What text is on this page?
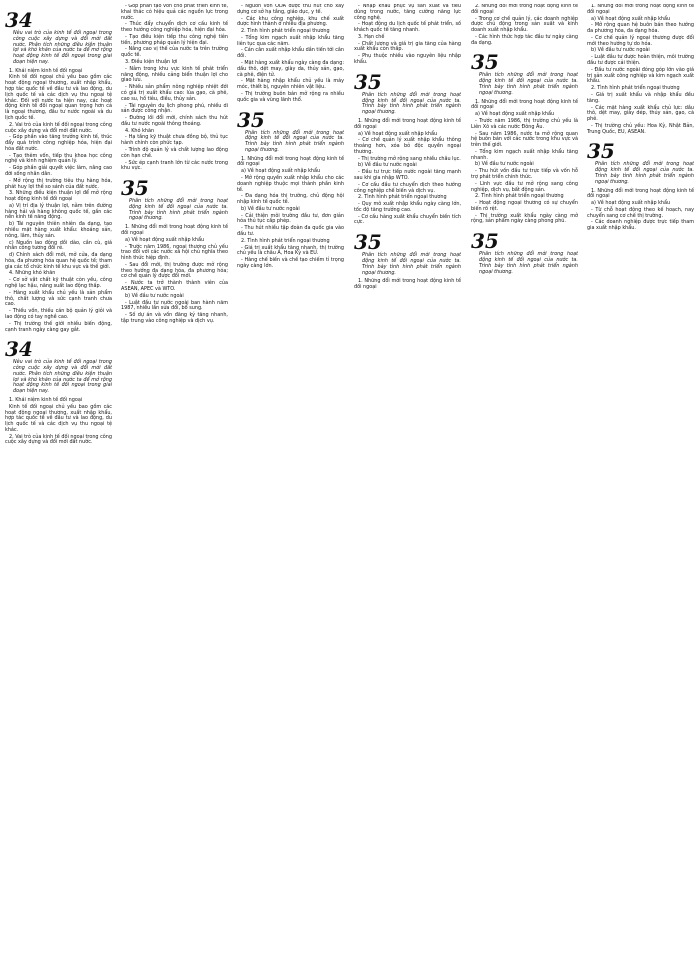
34
Nêu vai trò của kinh tế đối ngoại trong công cuộc xây dựng và đổi mới đất nước. Phân tích những điều kiện thuận lợi và khó khăn của nước ta để mở rộng hoạt động kinh tế đối ngoại trong giai đoạn hiện nay.

1. Khái niệm kinh tế đối ngoại

Kinh tế đối ngoại chủ yếu bao gồm các hoạt động ngoại thương, xuất nhập khẩu, hợp tác quốc tế về đầu tư và lao động, du lịch quốc tế và các dịch vụ thu ngoại tệ khác. Đối với nước ta hiện nay, các hoạt động kinh tế đối ngoại quan trọng hơn cả là ngoại thương, đầu tư nước ngoài và du lịch quốc tế.

2. Vai trò của kinh tế đối ngoại trong công cuộc xây dựng và đổi mới đất nước.

- Góp phần vào tăng trưởng kinh tế, thúc đẩy quá trình công nghiệp hóa, hiện đại hóa đất nước.

- Tạo thêm vốn, tiếp thu khoa học công nghệ và kinh nghiệm quản lý.

- Góp phần giải quyết việc làm, nâng cao đời sống nhân dân.

- Mở rộng thị trường tiêu thụ hàng hóa, phát huy lợi thế so sánh của đất nước.

3. Những điều kiện thuận lợi để mở rộng hoạt động kinh tế đối ngoại

a) Vị trí địa lý thuận lợi, nằm trên đường hàng hải và hàng không quốc tế, gần các nền kinh tế năng động.

b) Tài nguyên thiên nhiên đa dạng, tạo nhiều mặt hàng xuất khẩu: khoáng sản, nông, lâm, thủy sản.

c) Nguồn lao động dồi dào, cần cù, giá nhân công tương đối rẻ.

d) Chính sách đổi mới, mở cửa, đa dạng hóa, đa phương hóa quan hệ quốc tế; tham gia các tổ chức kinh tế khu vực và thế giới.

4. Những khó khăn

- Cơ sở vật chất kỹ thuật còn yếu, công nghệ lạc hậu, năng suất lao động thấp.

- Hàng xuất khẩu chủ yếu là sản phẩm thô, chất lượng và sức cạnh tranh chưa cao.

- Thiếu vốn, thiếu cán bộ quản lý giỏi và lao động có tay nghề cao.

- Thị trường thế giới nhiều biến động, cạnh tranh ngày càng gay gắt.

34
Nêu vai trò của kinh tế đối ngoại trong công cuộc xây dựng và đổi mới đất nước. Phân tích những điều kiện thuận lợi và khó khăn của nước ta để mở rộng hoạt động kinh tế đối ngoại trong giai đoạn hiện nay.

1. Khái niệm kinh tế đối ngoại

Kinh tế đối ngoại chủ yếu bao gồm các hoạt động ngoại thương, xuất nhập khẩu, hợp tác quốc tế về đầu tư và lao động, du lịch quốc tế và các dịch vụ thu ngoại tệ khác.

2. Vai trò của kinh tế đối ngoại trong công cuộc xây dựng và đổi mới đất nước.

- Góp phần tạo vốn cho phát triển kinh tế, khai thác có hiệu quả các nguồn lực trong nước.

- Thúc đẩy chuyển dịch cơ cấu kinh tế theo hướng công nghiệp hóa, hiện đại hóa.

- Tạo điều kiện tiếp thu công nghệ tiên tiến, phương pháp quản lý hiện đại.

- Nâng cao vị thế của nước ta trên trường quốc tế.

3. Điều kiện thuận lợi

- Nằm trong khu vực kinh tế phát triển năng động, nhiều cảng biển thuận lợi cho giao lưu.

- Nhiều sản phẩm nông nghiệp nhiệt đới có giá trị xuất khẩu cao: lúa gạo, cà phê, cao su, hồ tiêu, điều, thủy sản.

- Tài nguyên du lịch phong phú, nhiều di sản được công nhận.

- Đường lối đổi mới, chính sách thu hút đầu tư nước ngoài thông thoáng.

4. Khó khăn

- Hạ tầng kỹ thuật chưa đồng bộ, thủ tục hành chính còn phức tạp.

- Trình độ quản lý và chất lượng lao động còn hạn chế.

- Sức ép cạnh tranh lớn từ các nước trong khu vực.

35
Phân tích những đổi mới trong hoạt động kinh tế đối ngoại của nước ta. Trình bày tình hình phát triển ngành ngoại thương.

1. Những đổi mới trong hoạt động kinh tế đối ngoại

a) Về hoạt động xuất nhập khẩu

- Trước năm 1986, ngoại thương chủ yếu trao đổi với các nước xã hội chủ nghĩa theo hình thức hiệp định.

- Sau đổi mới, thị trường được mở rộng theo hướng đa dạng hóa, đa phương hóa; cơ chế quản lý được đổi mới.

- Nước ta trở thành thành viên của ASEAN, APEC và WTO.

b) Về đầu tư nước ngoài

- Luật đầu tư nước ngoài ban hành năm 1987, nhiều lần sửa đổi, bổ sung.

- Số dự án và vốn đăng ký tăng nhanh, tập trung vào công nghiệp và dịch vụ.

- Nguồn vốn ODA được thu hút cho xây dựng cơ sở hạ tầng, giáo dục, y tế.

- Các khu công nghiệp, khu chế xuất được hình thành ở nhiều địa phương.

2. Tình hình phát triển ngoại thương

- Tổng kim ngạch xuất nhập khẩu tăng liên tục qua các năm.

- Cán cân xuất nhập khẩu dần tiến tới cân đối.

- Mặt hàng xuất khẩu ngày càng đa dạng: dầu thô, dệt may, giày da, thủy sản, gạo, cà phê, điện tử.

- Mặt hàng nhập khẩu chủ yếu là máy móc, thiết bị, nguyên nhiên vật liệu.

- Thị trường buôn bán mở rộng ra nhiều quốc gia và vùng lãnh thổ.

35
Phân tích những đổi mới trong hoạt động kinh tế đối ngoại của nước ta. Trình bày tình hình phát triển ngành ngoại thương.

1. Những đổi mới trong hoạt động kinh tế đối ngoại

a) Về hoạt động xuất nhập khẩu

- Mở rộng quyền xuất nhập khẩu cho các doanh nghiệp thuộc mọi thành phần kinh tế.

- Đa dạng hóa thị trường, chủ động hội nhập kinh tế quốc tế.

b) Về đầu tư nước ngoài

- Cải thiện môi trường đầu tư, đơn giản hóa thủ tục cấp phép.

- Thu hút nhiều tập đoàn đa quốc gia vào đầu tư.

2. Tình hình phát triển ngoại thương

- Giá trị xuất khẩu tăng nhanh, thị trường chủ yếu là châu Á, Hoa Kỳ và EU.

- Hàng chế biến và chế tạo chiếm tỉ trọng ngày càng lớn.

- Nhập khẩu phục vụ sản xuất và tiêu dùng trong nước, tăng cường năng lực công nghệ.

- Hoạt động du lịch quốc tế phát triển, số khách quốc tế tăng nhanh.

3. Hạn chế

- Chất lượng và giá trị gia tăng của hàng xuất khẩu còn thấp.

- Phụ thuộc nhiều vào nguyên liệu nhập khẩu.

35
Phân tích những đổi mới trong hoạt động kinh tế đối ngoại của nước ta. Trình bày tình hình phát triển ngành ngoại thương.

1. Những đổi mới trong hoạt động kinh tế đối ngoại

a) Về hoạt động xuất nhập khẩu

- Cơ chế quản lý xuất nhập khẩu thông thoáng hơn, xóa bỏ độc quyền ngoại thương.

- Thị trường mở rộng sang nhiều châu lục.

b) Về đầu tư nước ngoài

- Đầu tư trực tiếp nước ngoài tăng mạnh sau khi gia nhập WTO.

- Cơ cấu đầu tư chuyển dịch theo hướng công nghiệp chế biến và dịch vụ.

2. Tình hình phát triển ngoại thương

- Quy mô xuất nhập khẩu ngày càng lớn, tốc độ tăng trưởng cao.

- Cơ cấu hàng xuất khẩu chuyển biến tích cực.

35
Phân tích những đổi mới trong hoạt động kinh tế đối ngoại của nước ta. Trình bày tình hình phát triển ngành ngoại thương.

1. Những đổi mới trong hoạt động kinh tế đối ngoại

2. Những đổi mới trong hoạt động kinh tế đối ngoại

- Trong cơ chế quản lý, các doanh nghiệp được chủ động trong sản xuất và kinh doanh xuất nhập khẩu.

- Các hình thức hợp tác đầu tư ngày càng đa dạng.

35
Phân tích những đổi mới trong hoạt động kinh tế đối ngoại của nước ta. Trình bày tình hình phát triển ngành ngoại thương.

1. Những đổi mới trong hoạt động kinh tế đối ngoại

a) Về hoạt động xuất nhập khẩu

- Trước năm 1986, thị trường chủ yếu là Liên Xô và các nước Đông Âu.

- Sau năm 1986, nước ta mở rộng quan hệ buôn bán với các nước trong khu vực và trên thế giới.

- Tổng kim ngạch xuất nhập khẩu tăng nhanh.

b) Về đầu tư nước ngoài

- Thu hút vốn đầu tư trực tiếp và vốn hỗ trợ phát triển chính thức.

- Lĩnh vực đầu tư mở rộng sang công nghiệp, dịch vụ, bất động sản.

2. Tình hình phát triển ngoại thương

- Hoạt động ngoại thương có sự chuyển biến rõ rệt.

- Thị trường xuất khẩu ngày càng mở rộng, sản phẩm ngày càng phong phú.

35
Phân tích những đổi mới trong hoạt động kinh tế đối ngoại của nước ta. Trình bày tình hình phát triển ngành ngoại thương.

1. Những đổi mới trong hoạt động kinh tế đối ngoại

a) Về hoạt động xuất nhập khẩu

- Mở rộng quan hệ buôn bán theo hướng đa phương hóa, đa dạng hóa.

- Cơ chế quản lý ngoại thương được đổi mới theo hướng tự do hóa.

b) Về đầu tư nước ngoài

- Luật đầu tư được hoàn thiện, môi trường đầu tư được cải thiện.

- Đầu tư nước ngoài đóng góp lớn vào giá trị sản xuất công nghiệp và kim ngạch xuất khẩu.

2. Tình hình phát triển ngoại thương

- Giá trị xuất khẩu và nhập khẩu đều tăng.

- Các mặt hàng xuất khẩu chủ lực: dầu thô, dệt may, giày dép, thủy sản, gạo, cà phê.

- Thị trường chủ yếu: Hoa Kỳ, Nhật Bản, Trung Quốc, EU, ASEAN.

35
Phân tích những đổi mới trong hoạt động kinh tế đối ngoại của nước ta. Trình bày tình hình phát triển ngành ngoại thương.

1. Những đổi mới trong hoạt động kinh tế đối ngoại

a) Về hoạt động xuất nhập khẩu

- Từ chỗ hoạt động theo kế hoạch, nay chuyển sang cơ chế thị trường.

- Các doanh nghiệp được trực tiếp tham gia xuất nhập khẩu.
